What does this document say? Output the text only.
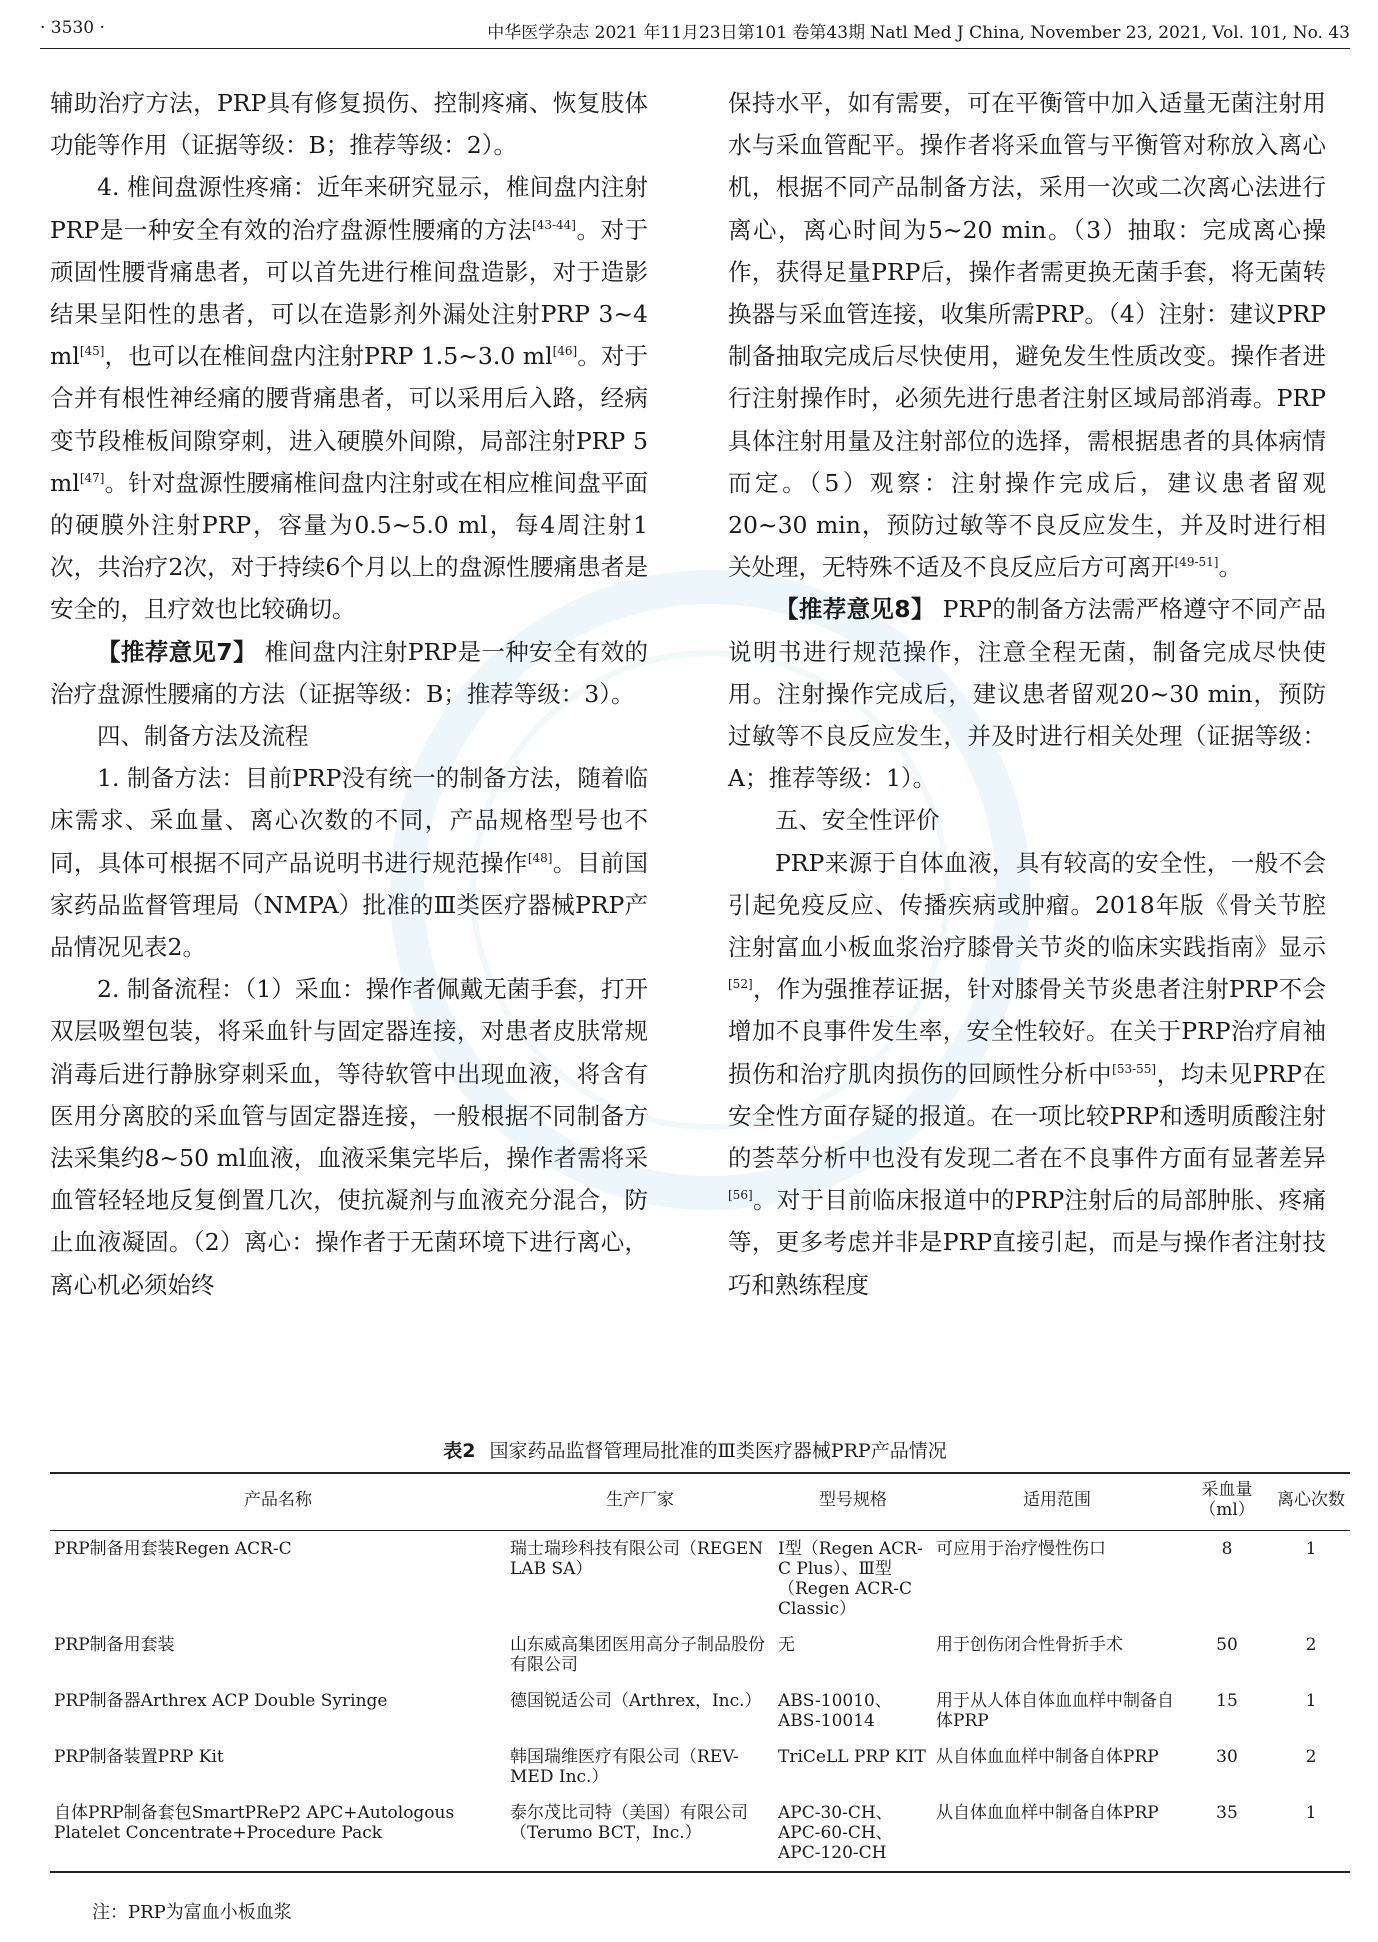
· 3530 ·	中华医学杂志 2021 年11月23日第101 卷第43期 Natl Med J China, November 23, 2021, Vol. 101, No. 43

辅助治疗方法，PRP具有修复损伤、控制疼痛、恢复肢体功能等作用（证据等级：B；推荐等级：2）。

4. 椎间盘源性疼痛：近年来研究显示，椎间盘内注射PRP是一种安全有效的治疗盘源性腰痛的方法[43-44]。对于顽固性腰背痛患者，可以首先进行椎间盘造影，对于造影结果呈阳性的患者，可以在造影剂外漏处注射PRP 3~4 ml[45]，也可以在椎间盘内注射PRP 1.5~3.0 ml[46]。对于合并有根性神经痛的腰背痛患者，可以采用后入路，经病变节段椎板间隙穿刺，进入硬膜外间隙，局部注射PRP 5 ml[47]。针对盘源性腰痛椎间盘内注射或在相应椎间盘平面的硬膜外注射PRP，容量为0.5~5.0 ml，每4周注射1次，共治疗2次，对于持续6个月以上的盘源性腰痛患者是安全的，且疗效也比较确切。

【推荐意见7】 椎间盘内注射PRP是一种安全有效的治疗盘源性腰痛的方法（证据等级：B；推荐等级：3）。

四、制备方法及流程

1. 制备方法：目前PRP没有统一的制备方法，随着临床需求、采血量、离心次数的不同，产品规格型号也不同，具体可根据不同产品说明书进行规范操作[48]。目前国家药品监督管理局（NMPA）批准的Ⅲ类医疗器械PRP产品情况见表2。

2. 制备流程：（1）采血：操作者佩戴无菌手套，打开双层吸塑包装，将采血针与固定器连接，对患者皮肤常规消毒后进行静脉穿刺采血，等待软管中出现血液，将含有医用分离胶的采血管与固定器连接，一般根据不同制备方法采集约8~50 ml血液，血液采集完毕后，操作者需将采血管轻轻地反复倒置几次，使抗凝剂与血液充分混合，防止血液凝固。（2）离心：操作者于无菌环境下进行离心，离心机必须始终

保持水平，如有需要，可在平衡管中加入适量无菌注射用水与采血管配平。操作者将采血管与平衡管对称放入离心机，根据不同产品制备方法，采用一次或二次离心法进行离心，离心时间为5~20 min。（3）抽取：完成离心操作，获得足量PRP后，操作者需更换无菌手套，将无菌转换器与采血管连接，收集所需PRP。（4）注射：建议PRP制备抽取完成后尽快使用，避免发生性质改变。操作者进行注射操作时，必须先进行患者注射区域局部消毒。PRP具体注射用量及注射部位的选择，需根据患者的具体病情而定。（5）观察：注射操作完成后，建议患者留观20~30 min，预防过敏等不良反应发生，并及时进行相关处理，无特殊不适及不良反应后方可离开[49-51]。

【推荐意见8】 PRP的制备方法需严格遵守不同产品说明书进行规范操作，注意全程无菌，制备完成尽快使用。注射操作完成后，建议患者留观20~30 min，预防过敏等不良反应发生，并及时进行相关处理（证据等级：A；推荐等级：1）。

五、安全性评价

PRP来源于自体血液，具有较高的安全性，一般不会引起免疫反应、传播疾病或肿瘤。2018年版《骨关节腔注射富血小板血浆治疗膝骨关节炎的临床实践指南》显示[52]，作为强推荐证据，针对膝骨关节炎患者注射PRP不会增加不良事件发生率，安全性较好。在关于PRP治疗肩袖损伤和治疗肌肉损伤的回顾性分析中[53-55]，均未见PRP在安全性方面存疑的报道。在一项比较PRP和透明质酸注射的荟萃分析中也没有发现二者在不良事件方面有显著差异[56]。对于目前临床报道中的PRP注射后的局部肿胀、疼痛等，更多考虑并非是PRP直接引起，而是与操作者注射技巧和熟练程度

表2 国家药品监督管理局批准的Ⅲ类医疗器械PRP产品情况
产品名称	生产厂家	型号规格	适用范围	采血量（ml）	离心次数
PRP制备用套装Regen ACR-C	瑞士瑞珍科技有限公司（REGEN LAB SA）	Ⅰ型（Regen ACR-C Plus）、Ⅲ型（Regen ACR-C Classic）	可应用于治疗慢性伤口	8	1
PRP制备用套装	山东威高集团医用高分子制品股份有限公司	无	用于创伤闭合性骨折手术	50	2
PRP制备器Arthrex ACP Double Syringe	德国锐适公司（Arthrex，Inc.）	ABS-10010、ABS-10014	用于从人体自体血血样中制备自体PRP	15	1
PRP制备装置PRP Kit	韩国瑞维医疗有限公司（REV-MED Inc.）	TriCeLL PRP KIT	从自体血血样中制备自体PRP	30	2
自体PRP制备套包SmartPReP2 APC+Autologous Platelet Concentrate+Procedure Pack	泰尔茂比司特（美国）有限公司（Terumo BCT，Inc.）	APC-30-CH、APC-60-CH、APC-120-CH	从自体血血样中制备自体PRP	35	1
注：PRP为富血小板血浆
